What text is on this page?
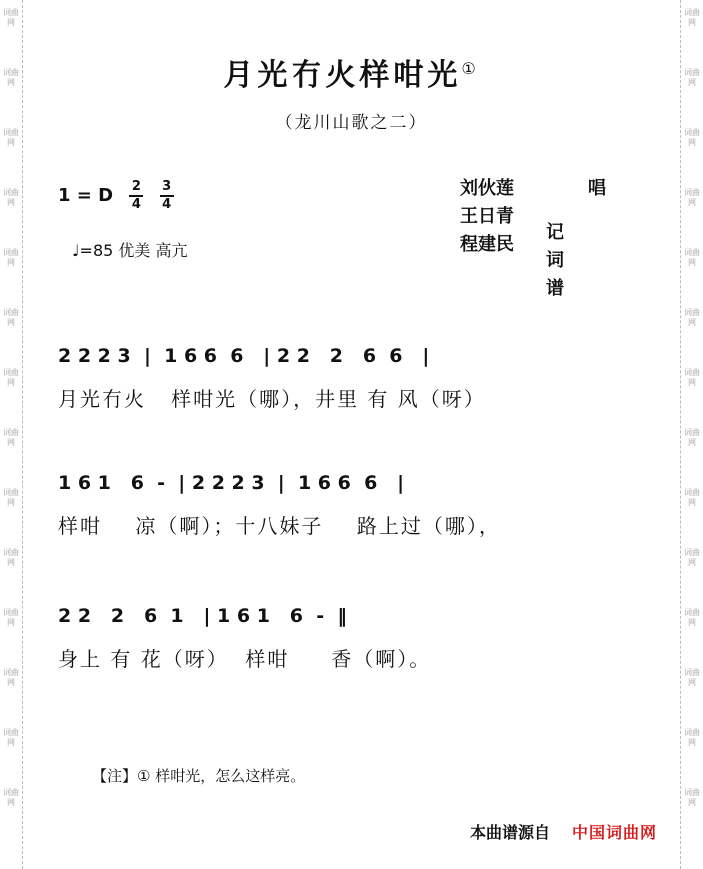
词曲网
词曲网
词曲网
词曲网
词曲网
词曲网
词曲网
词曲网
词曲网
词曲网
词曲网
词曲网
词曲网
词曲网
词曲网
词曲网
词曲网
词曲网
词曲网
词曲网
词曲网
词曲网
词曲网
词曲网
词曲网
词曲网
词曲网
词曲网
月光冇火样咁光①
（龙川山歌之二）
1 = D $\frac{2}{4}$
$\frac{3}{4}$
♩=85 优美 高亢
刘伙莲
王日青
程建民
唱
记词谱
2 2 2 3  |  1 6 6  6   | 2 2   2   6  6   |
月光冇火   样咁光（哪），井里 有 风（呀）
1 6 1   6  -  | 2 2 2 3  |  1 6 6  6   |
样咁    凉（啊）；十八妹子    路上过（哪），
2 2   2   6  1   | 1 6 1   6  -  ‖
身上 有 花（呀）  样咁     香（啊）。
【注】① 样咁光，怎么这样亮。
本曲谱源自 中国词曲网
